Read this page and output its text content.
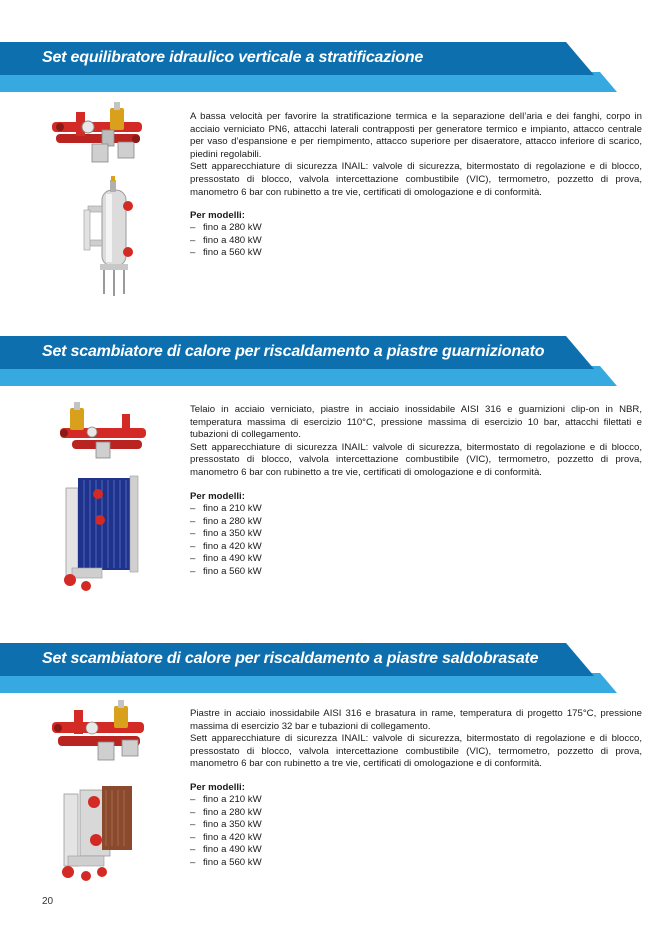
Set equilibratore idraulico verticale a stratificazione

A bassa velocità per favorire la stratificazione termica e la separazione dell’aria e dei fanghi, corpo in acciaio verniciato PN6, attacchi laterali contrapposti per generatore termico e impianto, attacco centrale per vaso d’espansione e per riempimento, attacco superiore per disaeratore, attacco inferiore di scarico, piedini regolabili.

Sett apparecchiature di sicurezza INAIL: valvole di sicurezza, bitermostato di regolazione e di blocco, pressostato di blocco, valvola intercettazione combustibile (VIC), termometro, pozzetto di prova, manometro 6 bar con rubinetto a tre vie, certificati di omologazione e di conformità.

Per modelli:
– fino a 280 kW
– fino a 480 kW
– fino a 560 kW
Set scambiatore di calore per riscaldamento a piastre guarnizionato

Telaio in acciaio verniciato, piastre in acciaio inossidabile AISI 316 e guarnizioni clip-on in NBR, temperatura massima di esercizio 110°C, pressione massima di esercizio 10 bar, attacchi filettati e tubazioni di collegamento.

Sett apparecchiature di sicurezza INAIL: valvole di sicurezza, bitermostato di regolazione e di blocco, pressostato di blocco, valvola intercettazione combustibile (VIC), termometro, pozzetto di prova, manometro 6 bar con rubinetto a tre vie, certificati di omologazione e di conformità.

Per modelli:
– fino a 210 kW
– fino a 280 kW
– fino a 350 kW
– fino a 420 kW
– fino a 490 kW
– fino a 560 kW
Set scambiatore di calore per riscaldamento a piastre saldobrasate

Piastre in acciaio inossidabile AISI 316 e brasatura in rame, temperatura di progetto 175°C, pressione massima di esercizio 32 bar e tubazioni di collegamento.

Sett apparecchiature di sicurezza INAIL: valvole di sicurezza, bitermostato di regolazione e di blocco, pressostato di blocco, valvola intercettazione combustibile (VIC), termometro, pozzetto di prova, manometro 6 bar con rubinetto a tre vie, certificati di omologazione e di conformità.

Per modelli:
– fino a 210 kW
– fino a 280 kW
– fino a 350 kW
– fino a 420 kW
– fino a 490 kW
– fino a 560 kW
20
